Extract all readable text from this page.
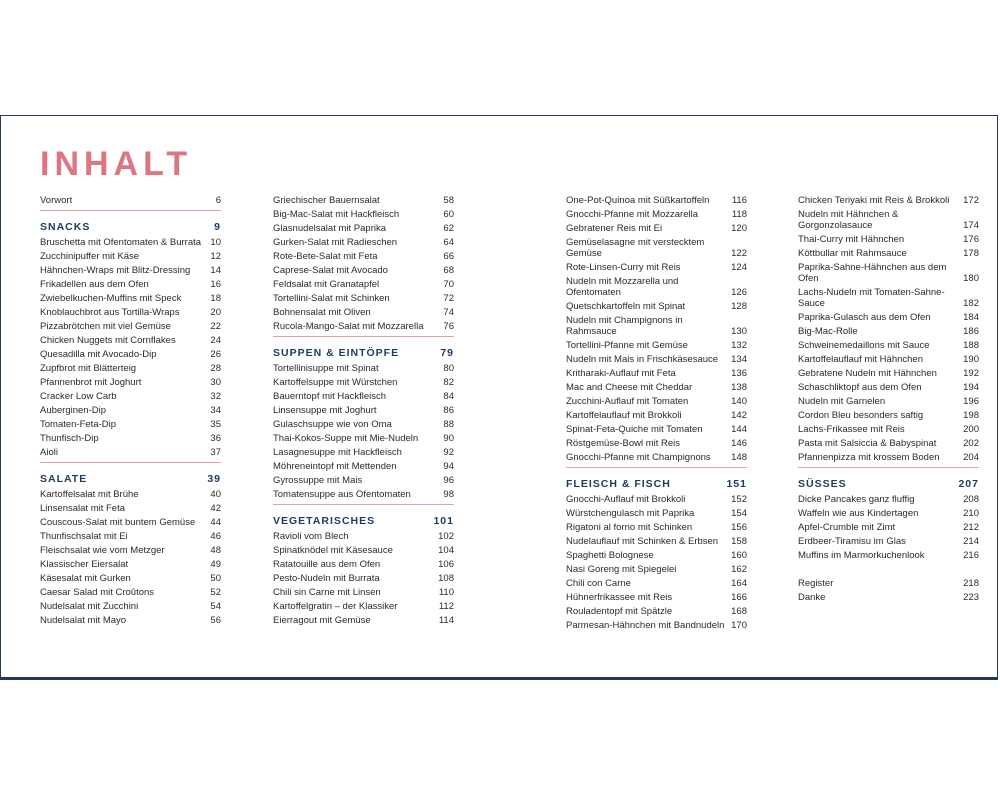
INHALT
Vorwort	6
SNACKS	9
Bruschetta mit Ofentomaten & Burrata 10
Zucchinipuffer mit Käse	12
Hähnchen-Wraps mit Blitz-Dressing	14
Frikadellen aus dem Ofen	16
Zwiebelkuchen-Muffins mit Speck	18
Knoblauchbrot aus Tortilla-Wraps	20
Pizzabrötchen mit viel Gemüse	22
Chicken Nuggets mit Cornflakes	24
Quesadilla mit Avocado-Dip	26
Zupfbrot mit Blätterteig	28
Pfannenbrot mit Joghurt	30
Cracker Low Carb	32
Auberginen-Dip	34
Tomaten-Feta-Dip	35
Thunfisch-Dip	36
Aioli	37
SALATE	39
Kartoffelsalat mit Brühe	40
Linsensalat mit Feta	42
Couscous-Salat mit buntem Gemüse	44
Thunfischsalat mit Ei	46
Fleischsalat wie vom Metzger	48
Klassischer Eiersalat	49
Käsesalat mit Gurken	50
Caesar Salad mit Croûtons	52
Nudelsalat mit Zucchini	54
Nudelsalat mit Mayo	56
Griechischer Bauernsalat	58
Big-Mac-Salat mit Hackfleisch	60
Glasnudelsalat mit Paprika	62
Gurken-Salat mit Radieschen	64
Rote-Bete-Salat mit Feta	66
Caprese-Salat mit Avocado	68
Feldsalat mit Granatapfel	70
Tortellini-Salat mit Schinken	72
Bohnensalat mit Oliven	74
Rucola-Mango-Salat mit Mozzarella	76
SUPPEN & EINTÖPFE	79
Tortellinisuppe mit Spinat	80
Kartoffelsuppe mit Würstchen	82
Bauerntopf mit Hackfleisch	84
Linsensuppe mit Joghurt	86
Gulaschsuppe wie von Oma	88
Thai-Kokos-Suppe mit Mie-Nudeln	90
Lasagnesuppe mit Hackfleisch	92
Möhreneintopf mit Mettenden	94
Gyrossuppe mit Mais	96
Tomatensuppe aus Ofentomaten	98
VEGETARISCHES	101
Ravioli vom Blech	102
Spinatknödel mit Käsesauce	104
Ratatouille aus dem Ofen	106
Pesto-Nudeln mit Burrata	108
Chili sin Carne mit Linsen	110
Kartoffelgratin – der Klassiker	112
Eierragout mit Gemüse	114
One-Pot-Quinoa mit Süßkartoffeln	116
Gnocchi-Pfanne mit Mozzarella	118
Gebratener Reis mit Ei	120
Gemüselasagne mit verstecktem Gemüse	122
Rote-Linsen-Curry mit Reis	124
Nudeln mit Mozzarella und Ofentomaten	126
Quetschkartoffeln mit Spinat	128
Nudeln mit Champignons in Rahmsauce	130
Tortellini-Pfanne mit Gemüse	132
Nudeln mit Mais in Frischkäsesauce	134
Kritharaki-Auflauf mit Feta	136
Mac and Cheese mit Cheddar	138
Zucchini-Auflauf mit Tomaten	140
Kartoffelauflauf mit Brokkoli	142
Spinat-Feta-Quiche mit Tomaten	144
Röstgemüse-Bowl mit Reis	146
Gnocchi-Pfanne mit Champignons	148
FLEISCH & FISCH	151
Gnocchi-Auflauf mit Brokkoli	152
Würstchengulasch mit Paprika	154
Rigatoni al forno mit Schinken	156
Nudelauflauf mit Schinken & Erbsen	158
Spaghetti Bolognese	160
Nasi Goreng mit Spiegelei	162
Chili con Carne	164
Hühnerfrikassee mit Reis	166
Rouladentopf mit Spätzle	168
Parmesan-Hähnchen mit Bandnudeln 170
Chicken Teriyaki mit Reis & Brokkoli	172
Nudeln mit Hähnchen & Gorgonzolasauce	174
Thai-Curry mit Hähnchen	176
Köttbullar mit Rahmsauce	178
Paprika-Sahne-Hähnchen aus dem Ofen	180
Lachs-Nudeln mit Tomaten-Sahne-Sauce	182
Paprika-Gulasch aus dem Ofen	184
Big-Mac-Rolle	186
Schweinemedaillons mit Sauce	188
Kartoffelauflauf mit Hähnchen	190
Gebratene Nudeln mit Hähnchen	192
Schaschliktopf aus dem Ofen	194
Nudeln mit Garnelen	196
Cordon Bleu besonders saftig	198
Lachs-Frikassee mit Reis	200
Pasta mit Salsiccia & Babyspinat	202
Pfannenpizza mit krossem Boden	204
SÜSSES	207
Dicke Pancakes ganz fluffig	208
Waffeln wie aus Kindertagen	210
Apfel-Crumble mit Zimt	212
Erdbeer-Tiramisu im Glas	214
Muffins im Marmorkuchenlook	216
Register	218
Danke	223
